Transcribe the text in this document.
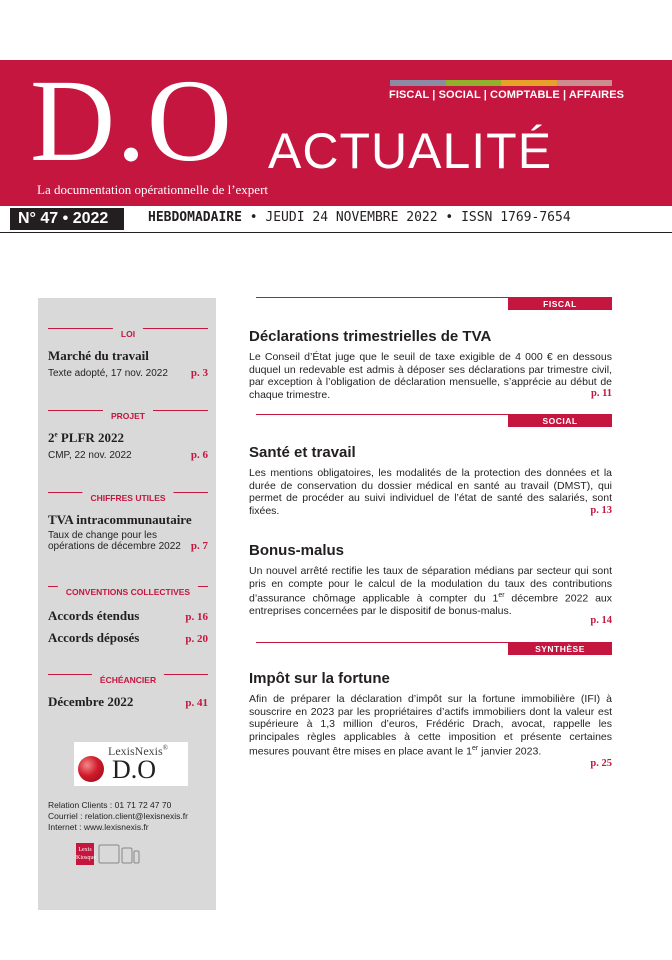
FISCAL | SOCIAL | COMPTABLE | AFFAIRES
D.O ACTUALITÉ
La documentation opérationnelle de l’expert
N° 47 • 2022	HEBDOMADAIRE • JEUDI 24 NOVEMBRE 2022 • ISSN 1769-7654
LOI
Marché du travail
Texte adopté, 17 nov. 2022 p. 3
PROJET
2e PLFR 2022
CMP, 22 nov. 2022	p. 6
CHIFFRES UTILES
TVA intracommunautaire
Taux de change pour les
opérations de décembre 2022 p. 7
CONVENTIONS COLLECTIVES
Accords étendus	p. 16
Accords déposés	p. 20
ÉCHÉANCIER
Décembre 2022	p. 41
LexisNexis®
D.O
Relation Clients : 01 71 72 47 70
Courriel : relation.client@lexisnexis.fr
Internet : www.lexisnexis.fr
Lexis
Kiosque
FISCAL
Déclarations trimestrielles de TVA
Le Conseil d’État juge que le seuil de taxe exigible de 4 000 € en dessous duquel un redevable est admis à déposer ses déclarations par trimestre civil, par exception à l’obligation de déclaration mensuelle, s’apprécie au début de chaque trimestre.	p. 11
SOCIAL
Santé et travail
Les mentions obligatoires, les modalités de la protection des données et la durée de conservation du dossier médical en santé au travail (DMST), qui permet de procéder au suivi individuel de l’état de santé des salariés, sont fixées.	p. 13
Bonus-malus
Un nouvel arrêté rectifie les taux de séparation médians par secteur qui sont pris en compte pour le calcul de la modulation du taux des contributions d’assurance chômage applicable à compter du 1er décembre 2022 aux entreprises concernées par le dispositif de bonus-malus.
p. 14
SYNTHÈSE
Impôt sur la fortune
Afin de préparer la déclaration d’impôt sur la fortune immobilière (IFI) à souscrire en 2023 par les propriétaires d’actifs immobiliers dont la valeur est supérieure à 1,3 million d’euros, Frédéric Drach, avocat, rappelle les principales règles applicables à cette imposition et présente certaines mesures pouvant être mises en place avant le 1er janvier 2023.
p. 25
